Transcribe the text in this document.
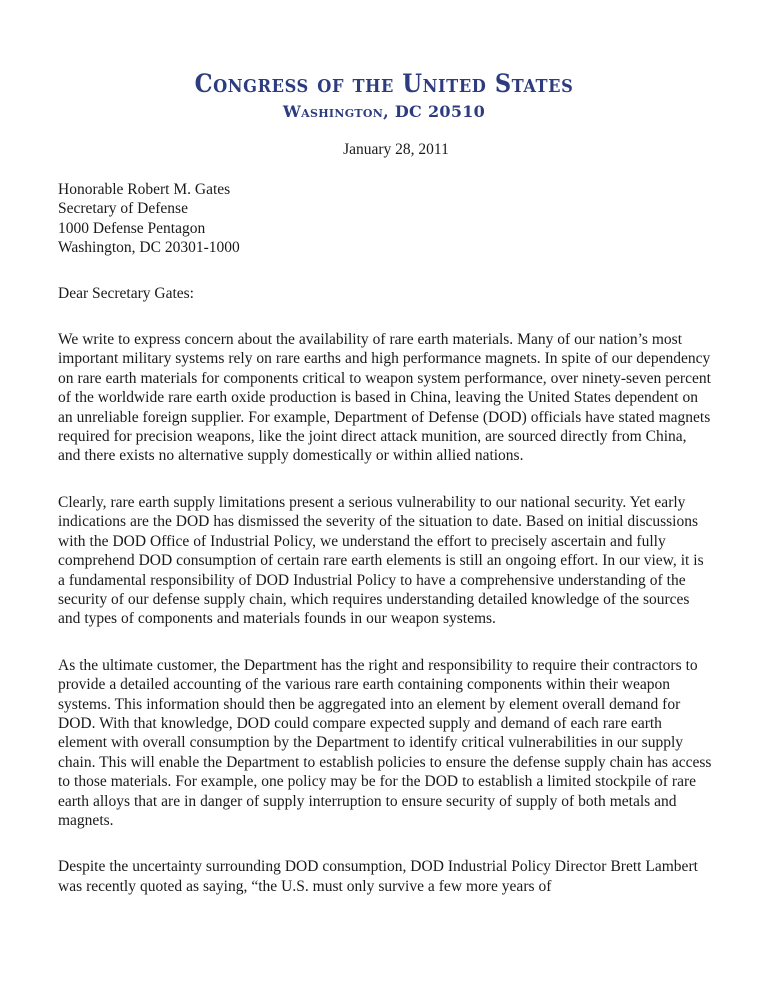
Congress of the United States
Washington, DC 20510
January 28, 2011
Honorable Robert M. Gates
Secretary of Defense
1000 Defense Pentagon
Washington, DC 20301-1000
Dear Secretary Gates:
We write to express concern about the availability of rare earth materials. Many of our nation’s most important military systems rely on rare earths and high performance magnets. In spite of our dependency on rare earth materials for components critical to weapon system performance, over ninety-seven percent of the worldwide rare earth oxide production is based in China, leaving the United States dependent on an unreliable foreign supplier. For example, Department of Defense (DOD) officials have stated magnets required for precision weapons, like the joint direct attack munition, are sourced directly from China, and there exists no alternative supply domestically or within allied nations.
Clearly, rare earth supply limitations present a serious vulnerability to our national security. Yet early indications are the DOD has dismissed the severity of the situation to date. Based on initial discussions with the DOD Office of Industrial Policy, we understand the effort to precisely ascertain and fully comprehend DOD consumption of certain rare earth elements is still an ongoing effort. In our view, it is a fundamental responsibility of DOD Industrial Policy to have a comprehensive understanding of the security of our defense supply chain, which requires understanding detailed knowledge of the sources and types of components and materials founds in our weapon systems.
As the ultimate customer, the Department has the right and responsibility to require their contractors to provide a detailed accounting of the various rare earth containing components within their weapon systems. This information should then be aggregated into an element by element overall demand for DOD. With that knowledge, DOD could compare expected supply and demand of each rare earth element with overall consumption by the Department to identify critical vulnerabilities in our supply chain. This will enable the Department to establish policies to ensure the defense supply chain has access to those materials. For example, one policy may be for the DOD to establish a limited stockpile of rare earth alloys that are in danger of supply interruption to ensure security of supply of both metals and magnets.
Despite the uncertainty surrounding DOD consumption, DOD Industrial Policy Director Brett Lambert was recently quoted as saying, “the U.S. must only survive a few more years of
